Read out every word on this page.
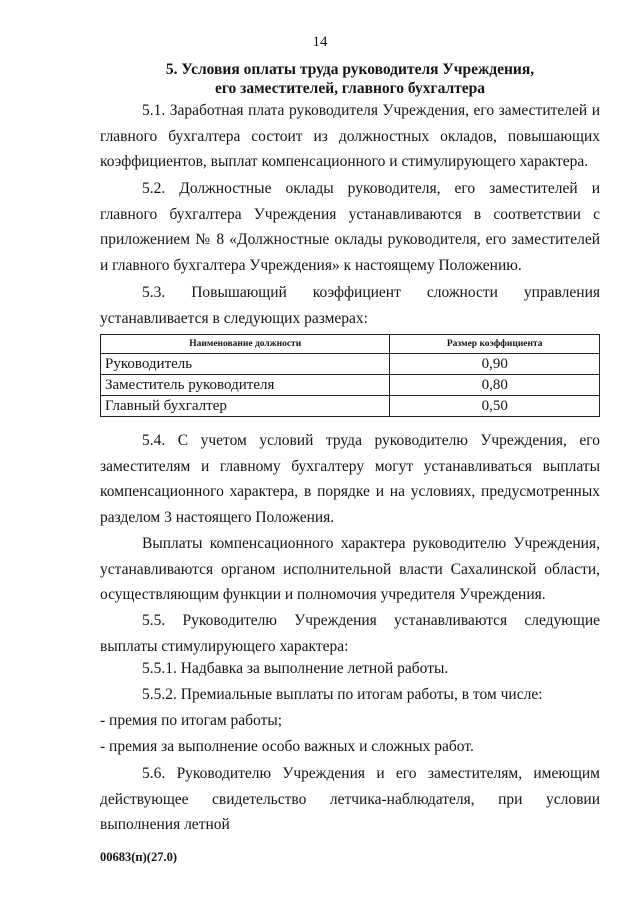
14
5. Условия оплаты труда руководителя Учреждения,
его заместителей, главного бухгалтера
5.1. Заработная плата руководителя Учреждения, его заместителей и главного бухгалтера состоит из должностных окладов, повышающих коэффициентов, выплат компенсационного и стимулирующего характера.
5.2. Должностные оклады руководителя, его заместителей и главного бухгалтера Учреждения устанавливаются в соответствии с приложением № 8 «Должностные оклады руководителя, его заместителей и главного бухгалтера Учреждения» к настоящему Положению.
5.3. Повышающий коэффициент сложности управления устанавливается в следующих размерах:
Наименование должности	Размер коэффициента
Руководитель	0,90
Заместитель руководителя	0,80
Главный бухгалтер	0,50
5.4. С учетом условий труда руководителю Учреждения, его заместителям и главному бухгалтеру могут устанавливаться выплаты компенсационного характера, в порядке и на условиях, предусмотренных разделом 3 настоящего Положения.
Выплаты компенсационного характера руководителю Учреждения, устанавливаются органом исполнительной власти Сахалинской области, осуществляющим функции и полномочия учредителя Учреждения.
5.5. Руководителю Учреждения устанавливаются следующие выплаты стимулирующего характера:
5.5.1. Надбавка за выполнение летной работы.
5.5.2. Премиальные выплаты по итогам работы, в том числе:
- премия по итогам работы;
- премия за выполнение особо важных и сложных работ.
5.6. Руководителю Учреждения и его заместителям, имеющим действующее свидетельство летчика-наблюдателя, при условии выполнения летной
00683(п)(27.0)
